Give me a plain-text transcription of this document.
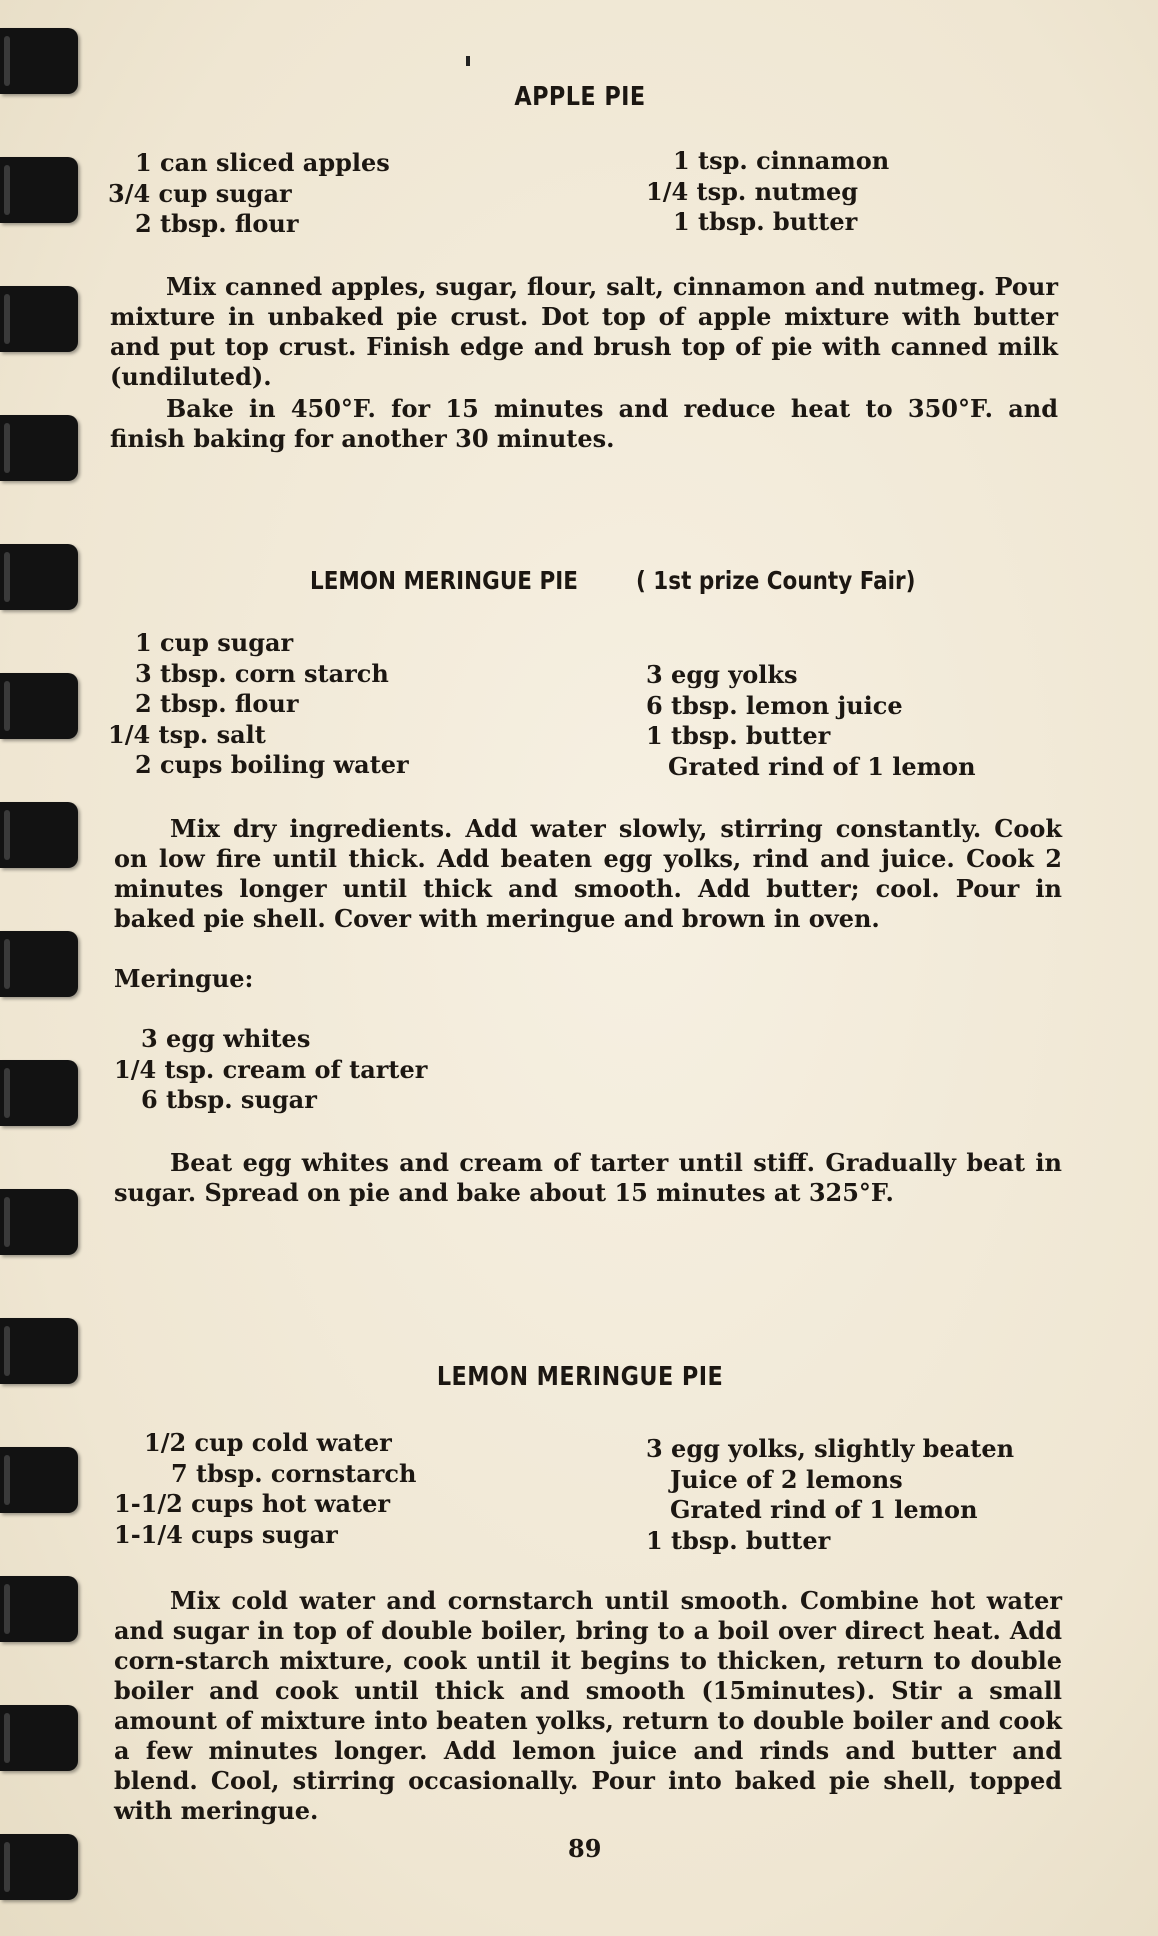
APPLE PIE
1 can sliced apples
3/4 cup sugar
2 tbsp. flour
1 tsp. cinnamon
1/4 tsp. nutmeg
1 tbsp. butter

Mix canned apples, sugar, flour, salt, cinnamon and nutmeg. Pour mixture in unbaked pie crust. Dot top of apple mixture with butter and put top crust. Finish edge and brush top of pie with canned milk (undiluted).

Bake in 450°F. for 15 minutes and reduce heat to 350°F. and finish baking for another 30 minutes.

LEMON MERINGUE PIE ( 1st prize County Fair)
1 cup sugar
3 tbsp. corn starch
2 tbsp. flour
1/4 tsp. salt
2 cups boiling water
3 egg yolks
6 tbsp. lemon juice
1 tbsp. butter
Grated rind of 1 lemon

Mix dry ingredients. Add water slowly, stirring constantly. Cook on low fire until thick. Add beaten egg yolks, rind and juice. Cook 2 minutes longer until thick and smooth. Add butter; cool. Pour in baked pie shell. Cover with meringue and brown in oven.

Meringue:
3 egg whites
1/4 tsp. cream of tarter
6 tbsp. sugar

Beat egg whites and cream of tarter until stiff. Gradually beat in sugar. Spread on pie and bake about 15 minutes at 325°F.

LEMON MERINGUE PIE
1/2 cup cold water
7 tbsp. cornstarch
1-1/2 cups hot water
1-1/4 cups sugar
3 egg yolks, slightly beaten
Juice of 2 lemons
Grated rind of 1 lemon
1 tbsp. butter

Mix cold water and cornstarch until smooth. Combine hot water and sugar in top of double boiler, bring to a boil over direct heat. Add corn-starch mixture, cook until it begins to thicken, return to double boiler and cook until thick and smooth (15minutes). Stir a small amount of mixture into beaten yolks, return to double boiler and cook a few minutes longer. Add lemon juice and rinds and butter and blend. Cool, stirring occasionally. Pour into baked pie shell, topped with meringue.

89
